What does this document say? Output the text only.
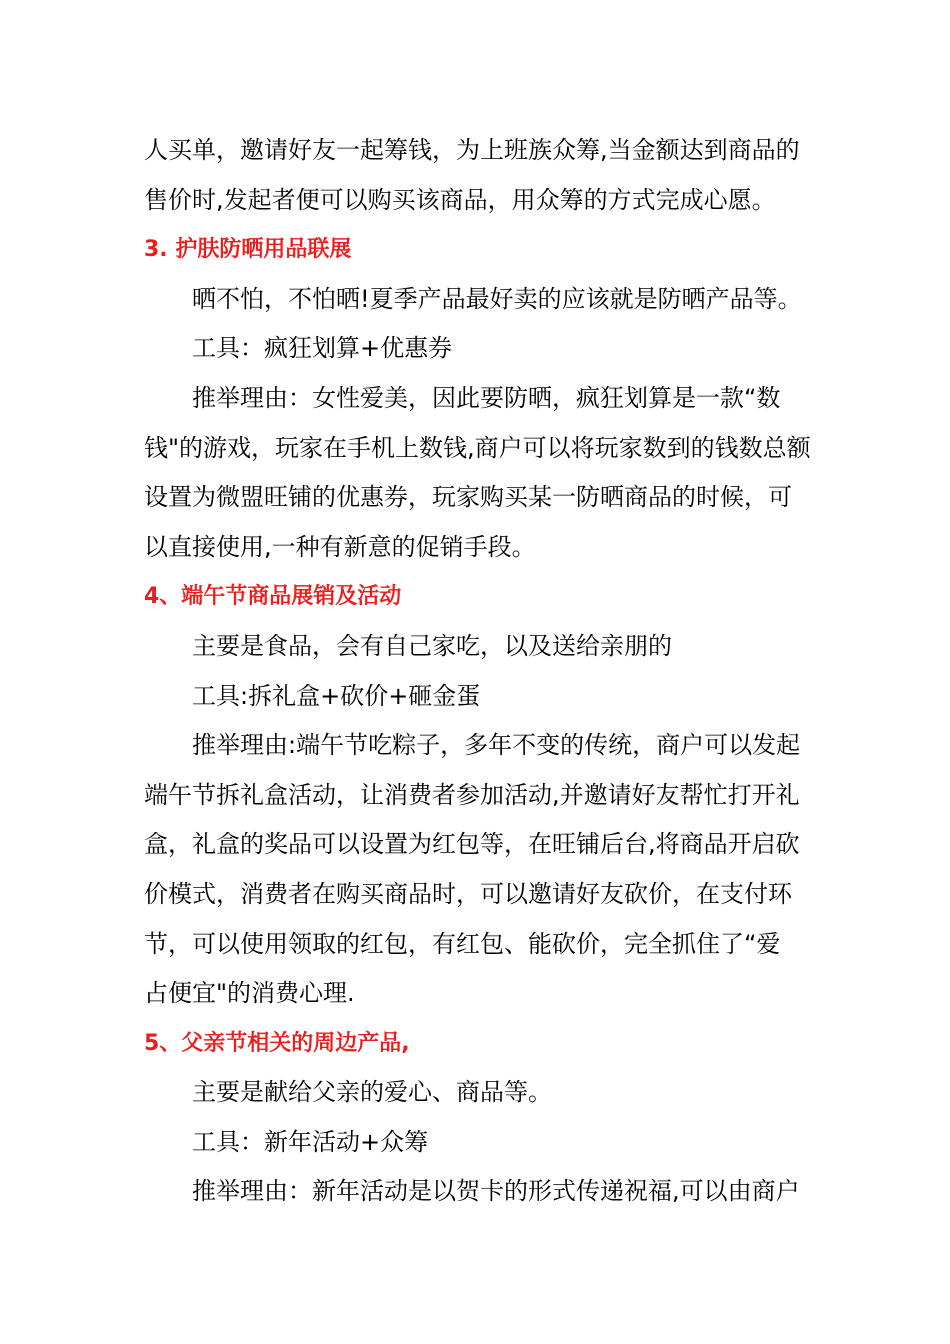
人买单，邀请好友一起筹钱，为上班族众筹,当金额达到商品的
售价时,发起者便可以购买该商品，用众筹的方式完成心愿。
3. 护肤防晒用品联展
晒不怕，不怕晒!夏季产品最好卖的应该就是防晒产品等。
工具：疯狂划算+优惠券
推举理由：女性爱美，因此要防晒，疯狂划算是一款“数
钱"的游戏，玩家在手机上数钱,商户可以将玩家数到的钱数总额
设置为微盟旺铺的优惠券，玩家购买某一防晒商品的时候，可
以直接使用,一种有新意的促销手段。
4、端午节商品展销及活动
主要是食品，会有自己家吃，以及送给亲朋的
工具:拆礼盒+砍价+砸金蛋
推举理由:端午节吃粽子，多年不变的传统，商户可以发起
端午节拆礼盒活动，让消费者参加活动,并邀请好友帮忙打开礼
盒，礼盒的奖品可以设置为红包等，在旺铺后台,将商品开启砍
价模式，消费者在购买商品时，可以邀请好友砍价，在支付环
节，可以使用领取的红包，有红包、能砍价，完全抓住了“爱
占便宜"的消费心理.
5、父亲节相关的周边产品,
主要是献给父亲的爱心、商品等。
工具：新年活动+众筹
推举理由：新年活动是以贺卡的形式传递祝福,可以由商户
